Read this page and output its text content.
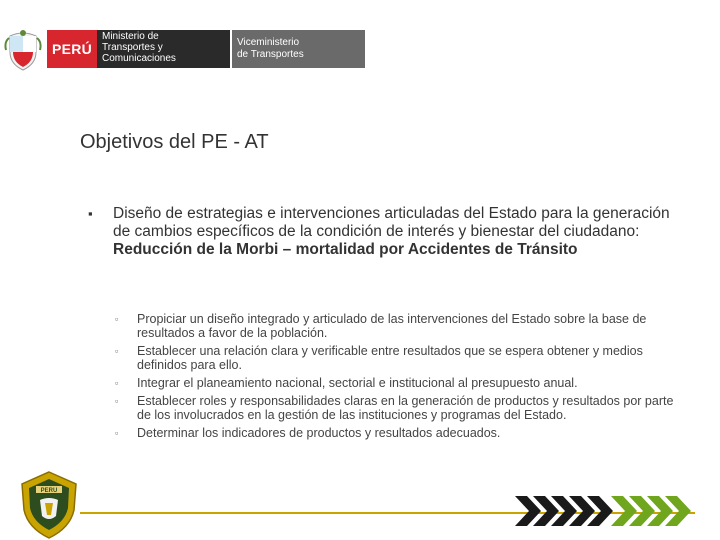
PERÚ
Ministerio de
Transportes y
Comunicaciones
Viceministerio
de Transportes
Objetivos del PE - AT
▪ Diseño de estrategias e intervenciones articuladas del Estado para la generación de cambios específicos de la condición de interés y bienestar del ciudadano: Reducción de la Morbi – mortalidad por Accidentes de Tránsito
▫ Propiciar un diseño integrado y articulado de las intervenciones del Estado sobre la base de resultados a favor de la población.
▫ Establecer una relación clara y verificable entre resultados que se espera obtener y medios definidos para ello.
▫ Integrar el planeamiento nacional, sectorial e institucional al presupuesto anual.
▫ Establecer roles y responsabilidades claras en la generación de productos y resultados por parte de los involucrados en la gestión de las instituciones y programas del Estado.
▫ Determinar los indicadores de productos y resultados adecuados.
PERU
